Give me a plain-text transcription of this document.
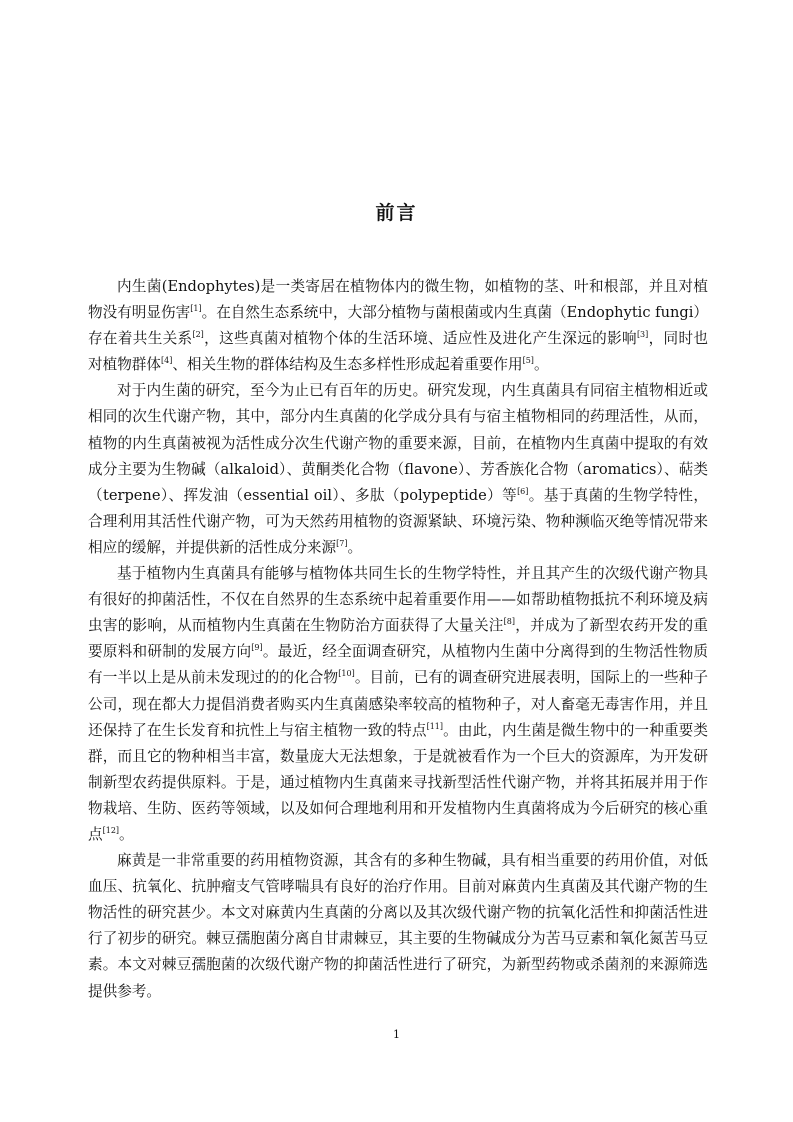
前言

内生菌(Endophytes)是一类寄居在植物体内的微生物，如植物的茎、叶和根部，并且对植物没有明显伤害[1]。在自然生态系统中，大部分植物与菌根菌或内生真菌（Endophytic fungi）存在着共生关系[2]，这些真菌对植物个体的生活环境、适应性及进化产生深远的影响[3]，同时也对植物群体[4]、相关生物的群体结构及生态多样性形成起着重要作用[5]。

对于内生菌的研究，至今为止已有百年的历史。研究发现，内生真菌具有同宿主植物相近或相同的次生代谢产物，其中，部分内生真菌的化学成分具有与宿主植物相同的药理活性，从而，植物的内生真菌被视为活性成分次生代谢产物的重要来源，目前，在植物内生真菌中提取的有效成分主要为生物碱（alkaloid）、黄酮类化合物（flavone）、芳香族化合物（aromatics）、萜类（terpene）、挥发油（essential oil）、多肽（polypeptide）等[6]。基于真菌的生物学特性，合理利用其活性代谢产物，可为天然药用植物的资源紧缺、环境污染、物种濒临灭绝等情况带来相应的缓解，并提供新的活性成分来源[7]。

基于植物内生真菌具有能够与植物体共同生长的生物学特性，并且其产生的次级代谢产物具有很好的抑菌活性，不仅在自然界的生态系统中起着重要作用——如帮助植物抵抗不利环境及病虫害的影响，从而植物内生真菌在生物防治方面获得了大量关注[8]，并成为了新型农药开发的重要原料和研制的发展方向[9]。最近，经全面调查研究，从植物内生菌中分离得到的生物活性物质有一半以上是从前未发现过的的化合物[10]。目前，已有的调查研究进展表明，国际上的一些种子公司，现在都大力提倡消费者购买内生真菌感染率较高的植物种子，对人畜毫无毒害作用，并且还保持了在生长发育和抗性上与宿主植物一致的特点[11]。由此，内生菌是微生物中的一种重要类群，而且它的物种相当丰富，数量庞大无法想象，于是就被看作为一个巨大的资源库，为开发研制新型农药提供原料。于是，通过植物内生真菌来寻找新型活性代谢产物，并将其拓展并用于作物栽培、生防、医药等领域，以及如何合理地利用和开发植物内生真菌将成为今后研究的核心重点[12]。

麻黄是一非常重要的药用植物资源，其含有的多种生物碱，具有相当重要的药用价值，对低血压、抗氧化、抗肿瘤支气管哮喘具有良好的治疗作用。目前对麻黄内生真菌及其代谢产物的生物活性的研究甚少。本文对麻黄内生真菌的分离以及其次级代谢产物的抗氧化活性和抑菌活性进行了初步的研究。棘豆孺胞菌分离自甘肃棘豆，其主要的生物碱成分为苦马豆素和氧化氮苦马豆素。本文对棘豆孺胞菌的次级代谢产物的抑菌活性进行了研究，为新型药物或杀菌剂的来源筛选提供参考。

1
